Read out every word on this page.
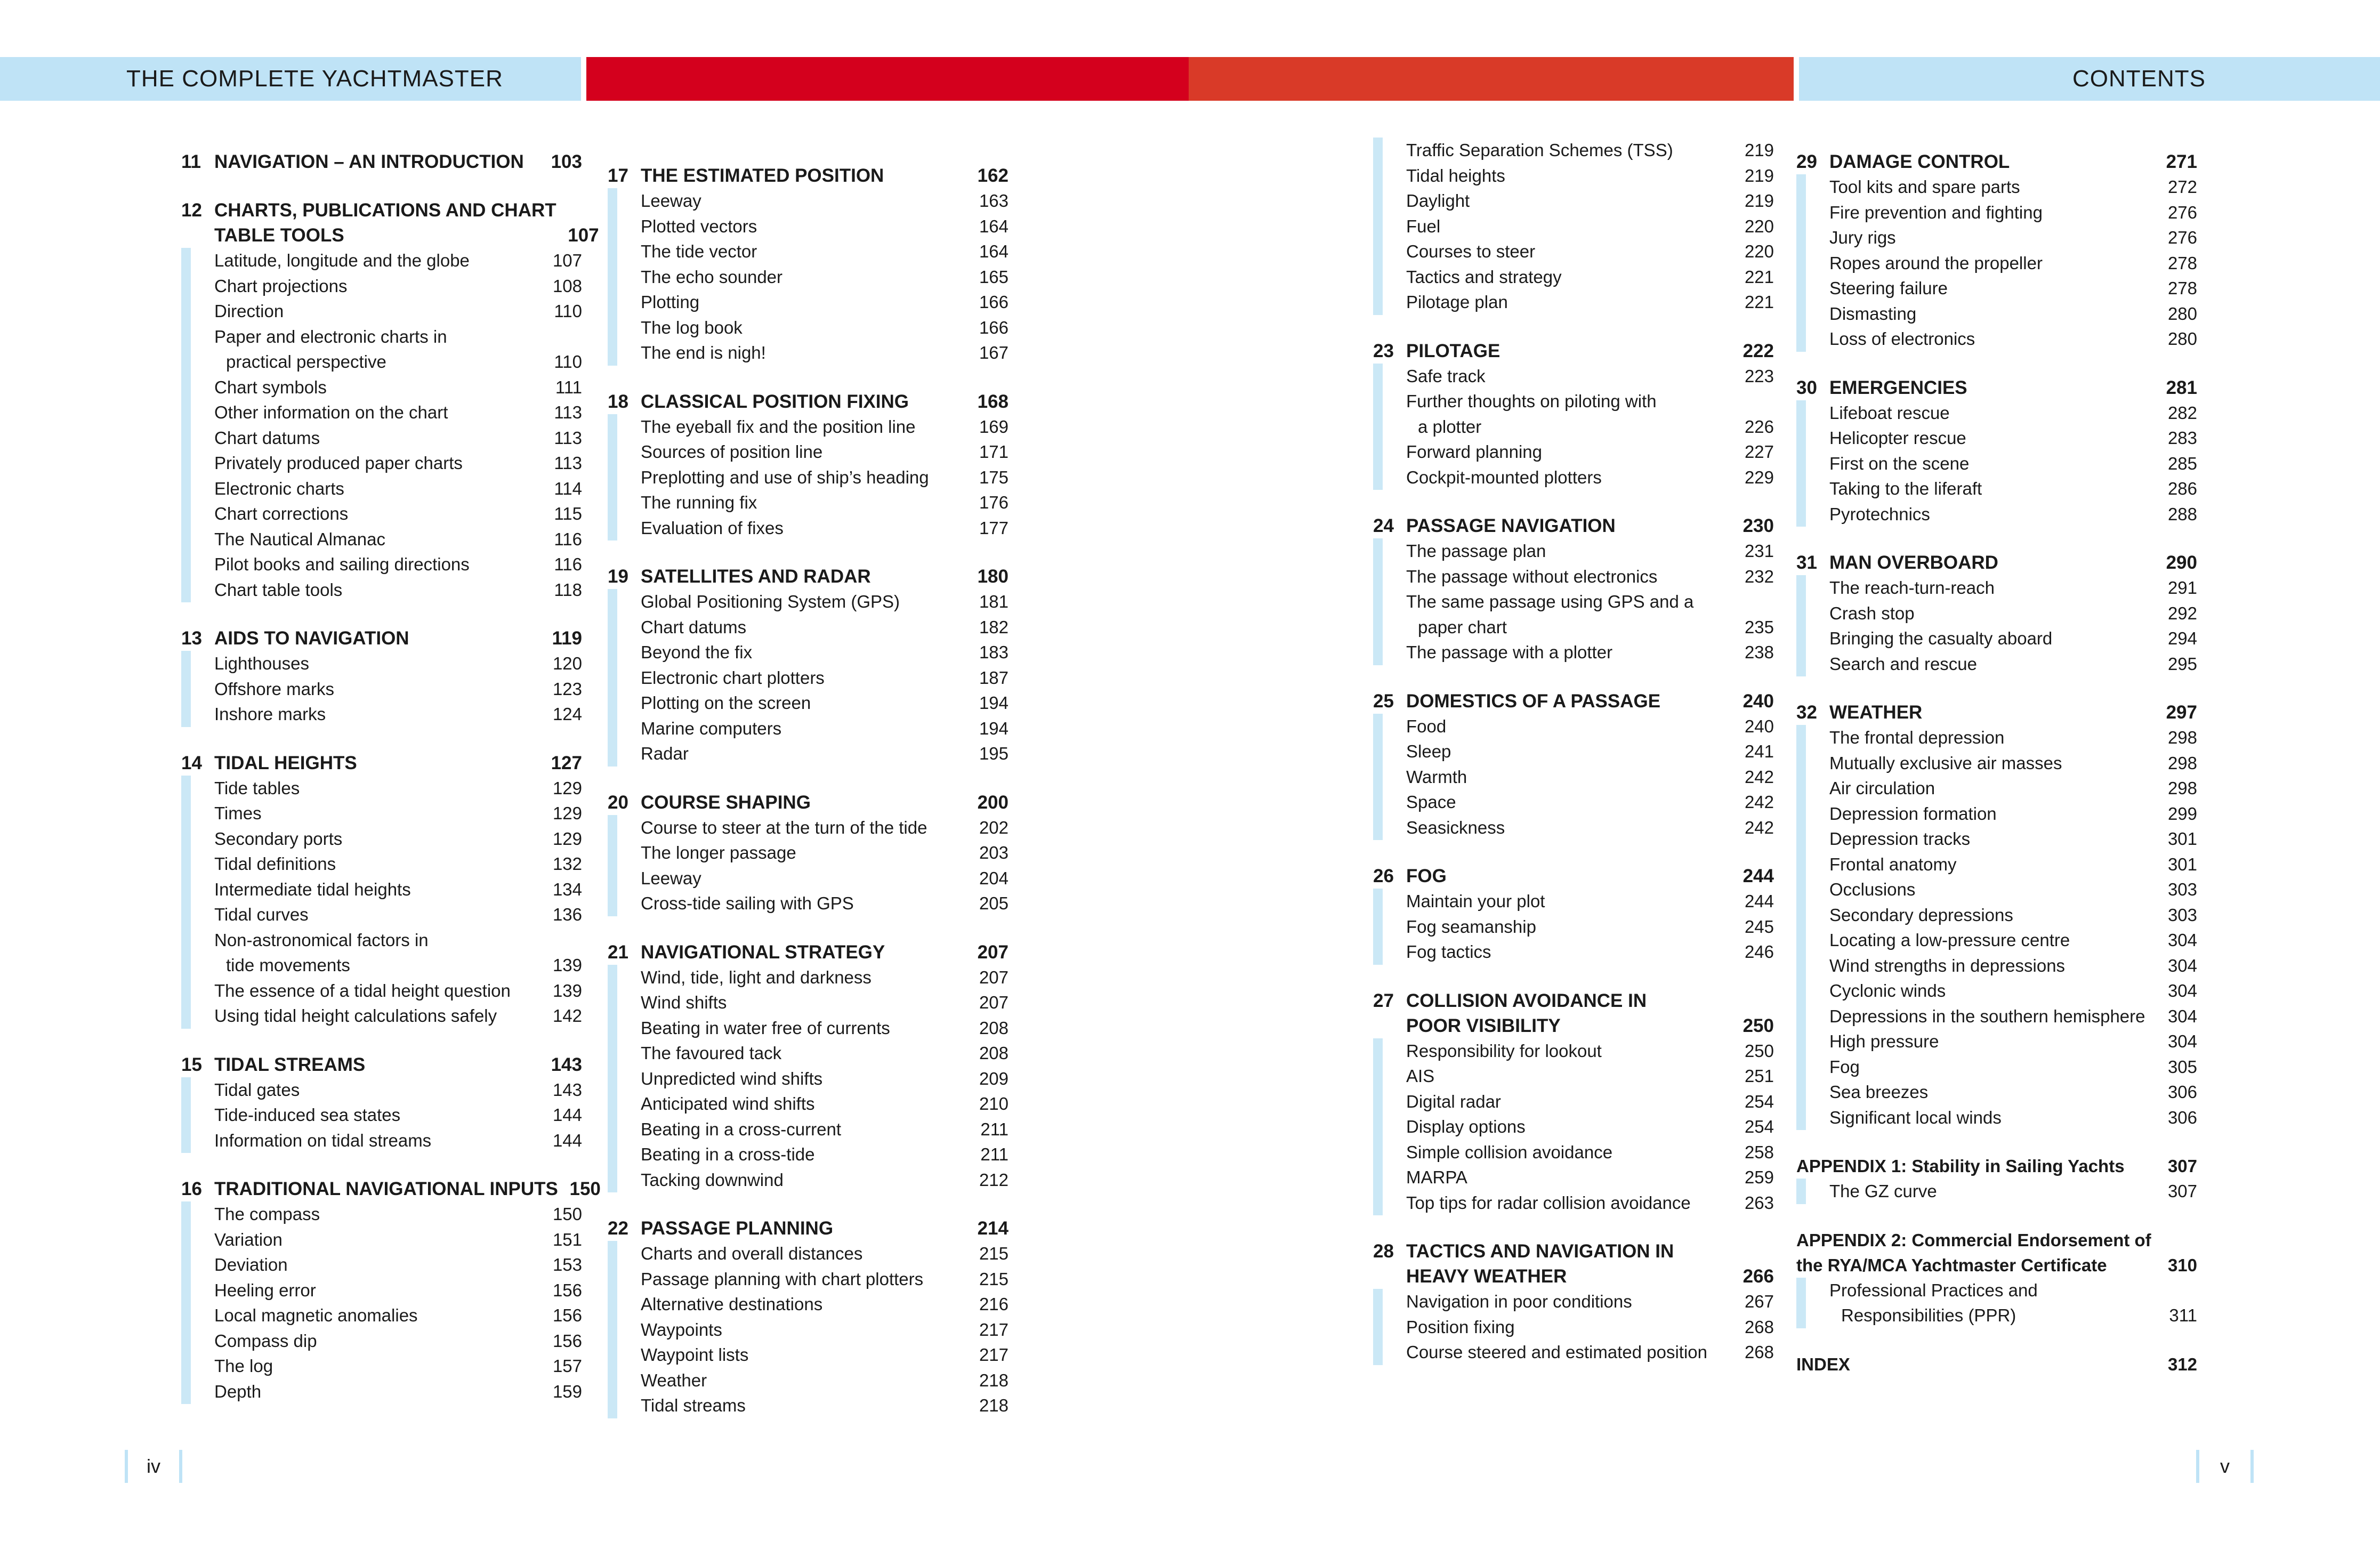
THE COMPLETE YACHTMASTER	CONTENTS
11 NAVIGATION – AN INTRODUCTION	103
12 CHARTS, PUBLICATIONS AND CHART
TABLE TOOLS	107
Latitude, longitude and the globe	107
Chart projections	108
Direction	110
Paper and electronic charts in
practical perspective	110
Chart symbols	111
Other information on the chart	113
Chart datums	113
Privately produced paper charts	113
Electronic charts	114
Chart corrections	115
The Nautical Almanac	116
Pilot books and sailing directions	116
Chart table tools	118
13 AIDS TO NAVIGATION	119
Lighthouses	120
Offshore marks	123
Inshore marks	124
14 TIDAL HEIGHTS	127
Tide tables	129
Times	129
Secondary ports	129
Tidal definitions	132
Intermediate tidal heights	134
Tidal curves	136
Non-astronomical factors in
tide movements	139
The essence of a tidal height question	139
Using tidal height calculations safely	142
15 TIDAL STREAMS	143
Tidal gates	143
Tide-induced sea states	144
Information on tidal streams	144
16 TRADITIONAL NAVIGATIONAL INPUTS 150
The compass	150
Variation	151
Deviation	153
Heeling error	156
Local magnetic anomalies	156
Compass dip	156
The log	157
Depth	159
17 THE ESTIMATED POSITION	162
Leeway	163
Plotted vectors	164
The tide vector	164
The echo sounder	165
Plotting	166
The log book	166
The end is nigh!	167
18 CLASSICAL POSITION FIXING	168
The eyeball fix and the position line	169
Sources of position line	171
Preplotting and use of ship’s heading	175
The running fix	176
Evaluation of fixes	177
19 SATELLITES AND RADAR	180
Global Positioning System (GPS)	181
Chart datums	182
Beyond the fix	183
Electronic chart plotters	187
Plotting on the screen	194
Marine computers	194
Radar	195
20 COURSE SHAPING	200
Course to steer at the turn of the tide	202
The longer passage	203
Leeway	204
Cross-tide sailing with GPS	205
21 NAVIGATIONAL STRATEGY	207
Wind, tide, light and darkness	207
Wind shifts	207
Beating in water free of currents	208
The favoured tack	208
Unpredicted wind shifts	209
Anticipated wind shifts	210
Beating in a cross-current	211
Beating in a cross-tide	211
Tacking downwind	212
22 PASSAGE PLANNING	214
Charts and overall distances	215
Passage planning with chart plotters	215
Alternative destinations	216
Waypoints	217
Waypoint lists	217
Weather	218
Tidal streams	218
Traffic Separation Schemes (TSS)	219
Tidal heights	219
Daylight	219
Fuel	220
Courses to steer	220
Tactics and strategy	221
Pilotage plan	221
23 PILOTAGE	222
Safe track	223
Further thoughts on piloting with
a plotter	226
Forward planning	227
Cockpit-mounted plotters	229
24 PASSAGE NAVIGATION	230
The passage plan	231
The passage without electronics	232
The same passage using GPS and a
paper chart	235
The passage with a plotter	238
25 DOMESTICS OF A PASSAGE	240
Food	240
Sleep	241
Warmth	242
Space	242
Seasickness	242
26 FOG	244
Maintain your plot	244
Fog seamanship	245
Fog tactics	246
27 COLLISION AVOIDANCE IN
POOR VISIBILITY	250
Responsibility for lookout	250
AIS	251
Digital radar	254
Display options	254
Simple collision avoidance	258
MARPA	259
Top tips for radar collision avoidance	263
28 TACTICS AND NAVIGATION IN
HEAVY WEATHER	266
Navigation in poor conditions	267
Position fixing	268
Course steered and estimated position	268
29 DAMAGE CONTROL	271
Tool kits and spare parts	272
Fire prevention and fighting	276
Jury rigs	276
Ropes around the propeller	278
Steering failure	278
Dismasting	280
Loss of electronics	280
30 EMERGENCIES	281
Lifeboat rescue	282
Helicopter rescue	283
First on the scene	285
Taking to the liferaft	286
Pyrotechnics	288
31 MAN OVERBOARD	290
The reach-turn-reach	291
Crash stop	292
Bringing the casualty aboard	294
Search and rescue	295
32 WEATHER	297
The frontal depression	298
Mutually exclusive air masses	298
Air circulation	298
Depression formation	299
Depression tracks	301
Frontal anatomy	301
Occlusions	303
Secondary depressions	303
Locating a low-pressure centre	304
Wind strengths in depressions	304
Cyclonic winds	304
Depressions in the southern hemisphere	304
High pressure	304
Fog	305
Sea breezes	306
Significant local winds	306
APPENDIX 1: Stability in Sailing Yachts	307
The GZ curve	307
APPENDIX 2: Commercial Endorsement of
the RYA/MCA Yachtmaster Certificate	310
Professional Practices and
Responsibilities (PPR)	311
INDEX	312
iv	v
